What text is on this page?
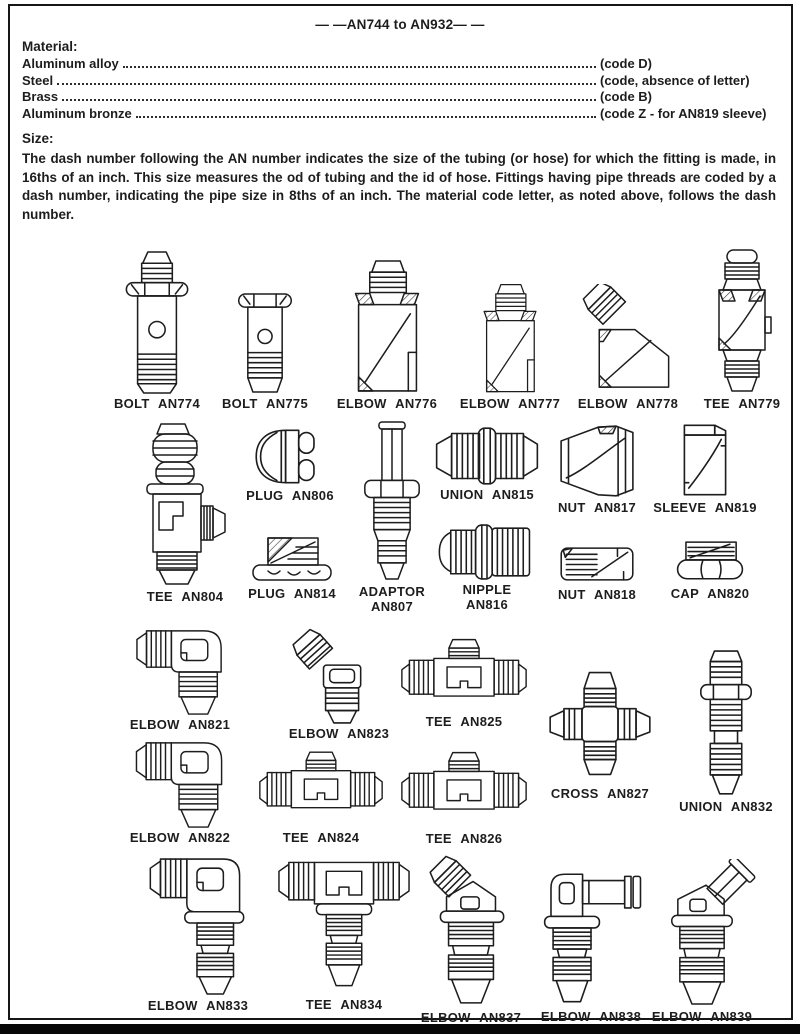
— —AN744 to AN932— —
Material:
Aluminum alloy	(code D)
Steel	(code, absence of letter)
Brass	(code B)
Aluminum bronze	(code Z - for AN819 sleeve)
Size:

The dash number following the AN number indicates the size of the tubing (or hose) for which the fitting is made, in 16ths of an inch. This size measures the od of tubing and the id of hose. Fittings having pipe threads are coded by a dash number, indicating the pipe size in 8ths of an inch. The material code letter, as noted above, follows the dash number.

BOLT AN774	BOLT AN775	ELBOW AN776	ELBOW AN777	ELBOW AN778	TEE AN779
TEE AN804
PLUG AN806
PLUG AN814	ADAPTOR
AN807
UNION AN815
NIPPLE
AN816
NUT AN817
NUT AN818
SLEEVE AN819
CAP AN820
ELBOW AN821
ELBOW AN823
TEE AN825
CROSS AN827
UNION AN832
ELBOW AN822	TEE AN824	TEE AN826
ELBOW AN833	TEE AN834
ELBOW AN837	ELBOW AN838 ELBOW AN839
